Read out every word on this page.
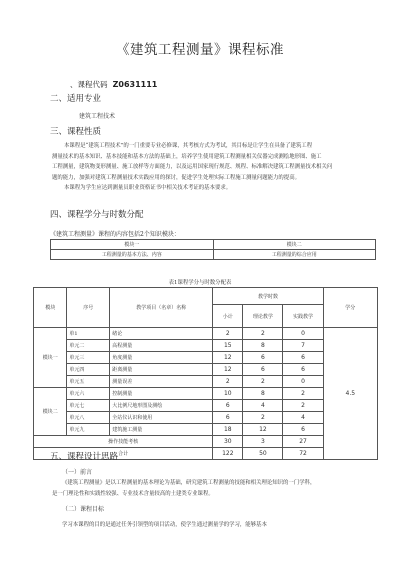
《建筑工程测量》课程标准
、课程代码 Z0631111
二、适用专业
建筑工程技术
三、课程性质
本课程是“建筑工程技术”的一门重要专业必修课，其考核方式为考试，其目标是让学生在具备了建筑工程
测量技术的基本知识、基本技能和基本方法的基础上，培养学生使用建筑工程测量相关仪器完成测绘地形图、施工
工程测量，建筑物变形测量、施工放样等方面能力，以及运用国家现行规范、规程、标准解决建筑工程测量技术相关问
题的能力，加强对建筑工程测量技术实践应用的探讨，促进学生处理实际工程施工测量问题能力的提高。
本课程为学生应达到测量员职业资格证书中相关技术考证的基本要求。
四、课程学分与时数分配
《建筑工程测量》课程的内容包括2个知识模块：
模块一	模块二
工程测量的基本方法、内容	工程测量的综合应用
表1课程学分与时数分配表
模块	序号	教学项目（名章）名称	教学时数			学分
			小计	理论教学	实践教学	
模块一	单1	绪论	2	2	0	4.5
	单元二	高程测量	15	8	7	
	单元三	角度测量	12	6	6	
	单元四	距离测量	12	6	6	
	单元五	测量误差	2	2	0	
模块二	单元六	控制测量	10	8	2	
	单元七	大比例尺地形图及测绘	6	4	2	
	单元八	全站仪认识和使用	6	2	4	
	单元九	建筑施工测量	18	12	6	
操作技能考核			30	3	27	
合计			122	50	72	
五、课程设计思路
（一）前言
《建筑工程测量》是以工程测量的基本理论为基础，研究建筑工程测量的技能和相关理论知识的一门学科，
是一门理论性和实践性较强、专业技术含量较高的土建类专业课程。
（二）课程目标
学习本课程的目的是通过任务引领型的项目活动，使学生通过测量学的学习，能够基本
